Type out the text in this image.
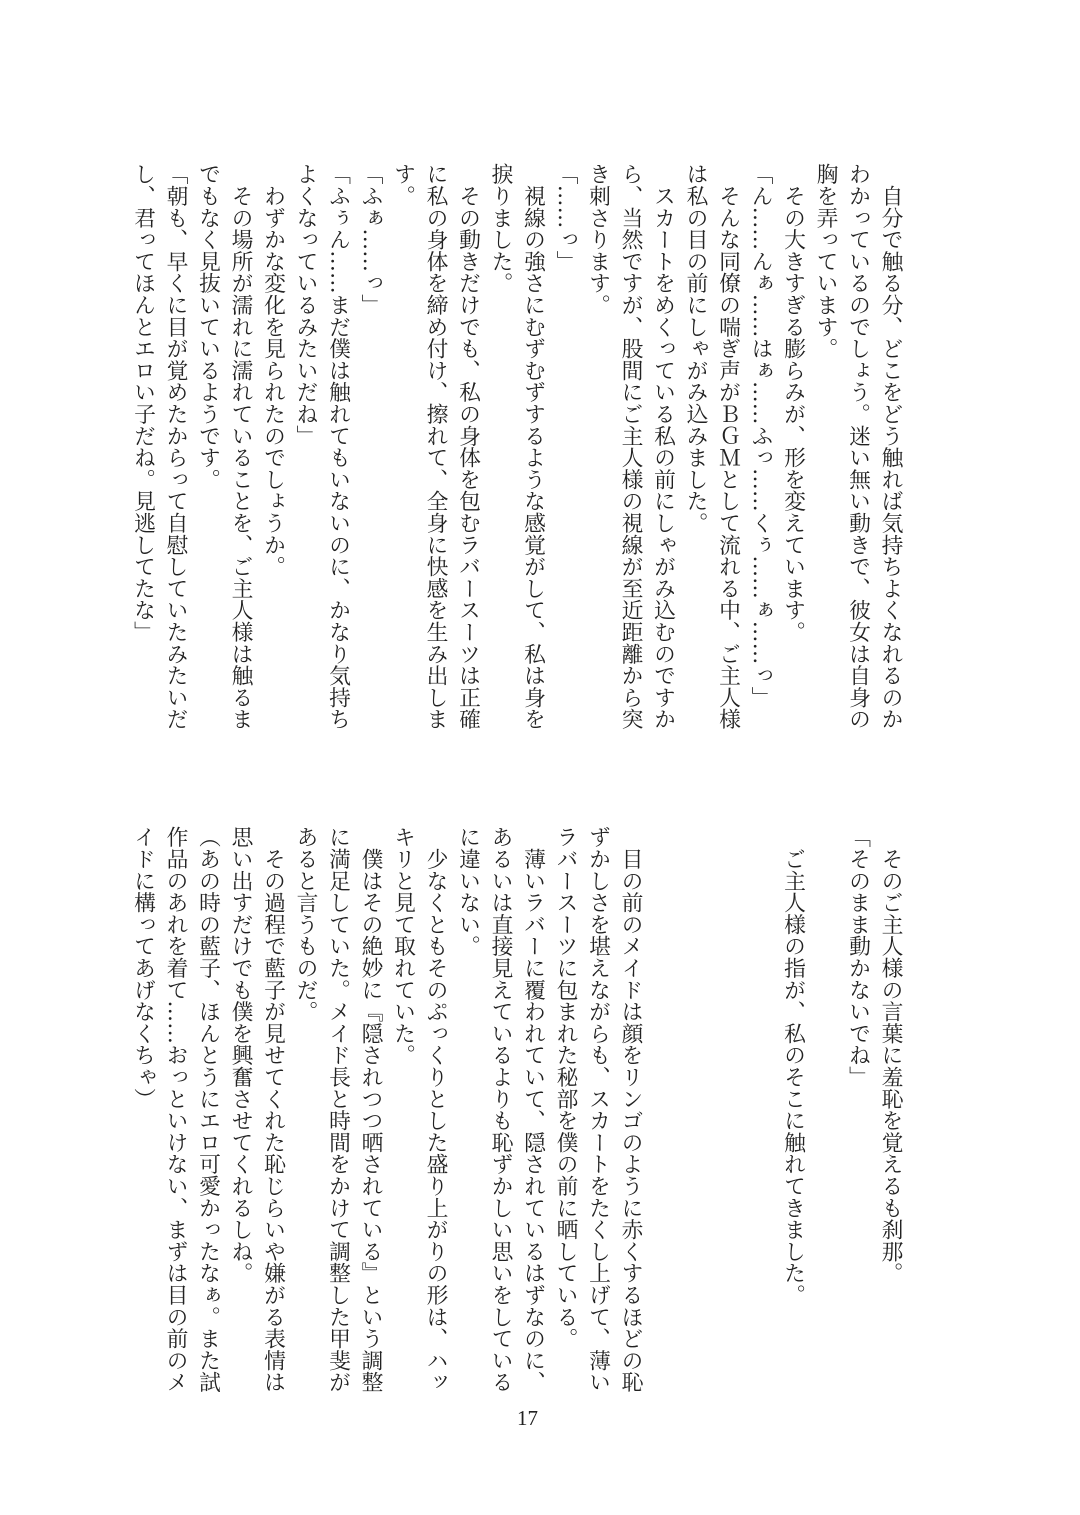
　自分で触る分、どこをどう触れば気持ちよくなれるのか
わかっているのでしょう。迷い無い動きで、彼女は自身の
胸を弄っています。
　その大きすぎる膨らみが、形を変えています。
「ん……んぁ……はぁ……ふっ……くぅ……ぁ……っ」
　そんな同僚の喘ぎ声がＢＧＭとして流れる中、ご主人様
は私の目の前にしゃがみ込みました。
　スカートをめくっている私の前にしゃがみ込むのですか
ら、当然ですが、股間にご主人様の視線が至近距離から突
き刺さります。
「……っ」
　視線の強さにむずむずするような感覚がして、私は身を
捩りました。
　その動きだけでも、私の身体を包むラバースーツは正確
に私の身体を締め付け、擦れて、全身に快感を生み出しま
す。
「ふぁ……っ」
「ふぅん……まだ僕は触れてもいないのに、かなり気持ち
よくなっているみたいだね」
　わずかな変化を見られたのでしょうか。
　その場所が濡れに濡れていることを、ご主人様は触るま
でもなく見抜いているようです。
「朝も、早くに目が覚めたからって自慰していたみたいだ
し、君ってほんとエロい子だね。見逃してたな」
　そのご主人様の言葉に羞恥を覚えるも刹那。
「そのまま動かないでね」
　ご主人様の指が、私のそこに触れてきました。
　目の前のメイドは顔をリンゴのように赤くするほどの恥
ずかしさを堪えながらも、スカートをたくし上げて、薄い
ラバースーツに包まれた秘部を僕の前に晒している。
　薄いラバーに覆われていて、隠されているはずなのに、
あるいは直接見えているよりも恥ずかしい思いをしている
に違いない。
　少なくともそのぷっくりとした盛り上がりの形は、ハッ
キリと見て取れていた。
　僕はその絶妙に『隠されつつ晒されている』という調整
に満足していた。メイド長と時間をかけて調整した甲斐が
あると言うものだ。
　その過程で藍子が見せてくれた恥じらいや嫌がる表情は
思い出すだけでも僕を興奮させてくれるしね。
（あの時の藍子、ほんとうにエロ可愛かったなぁ。また試
作品のあれを着て……おっといけない、まずは目の前のメ
イドに構ってあげなくちゃ）
17
